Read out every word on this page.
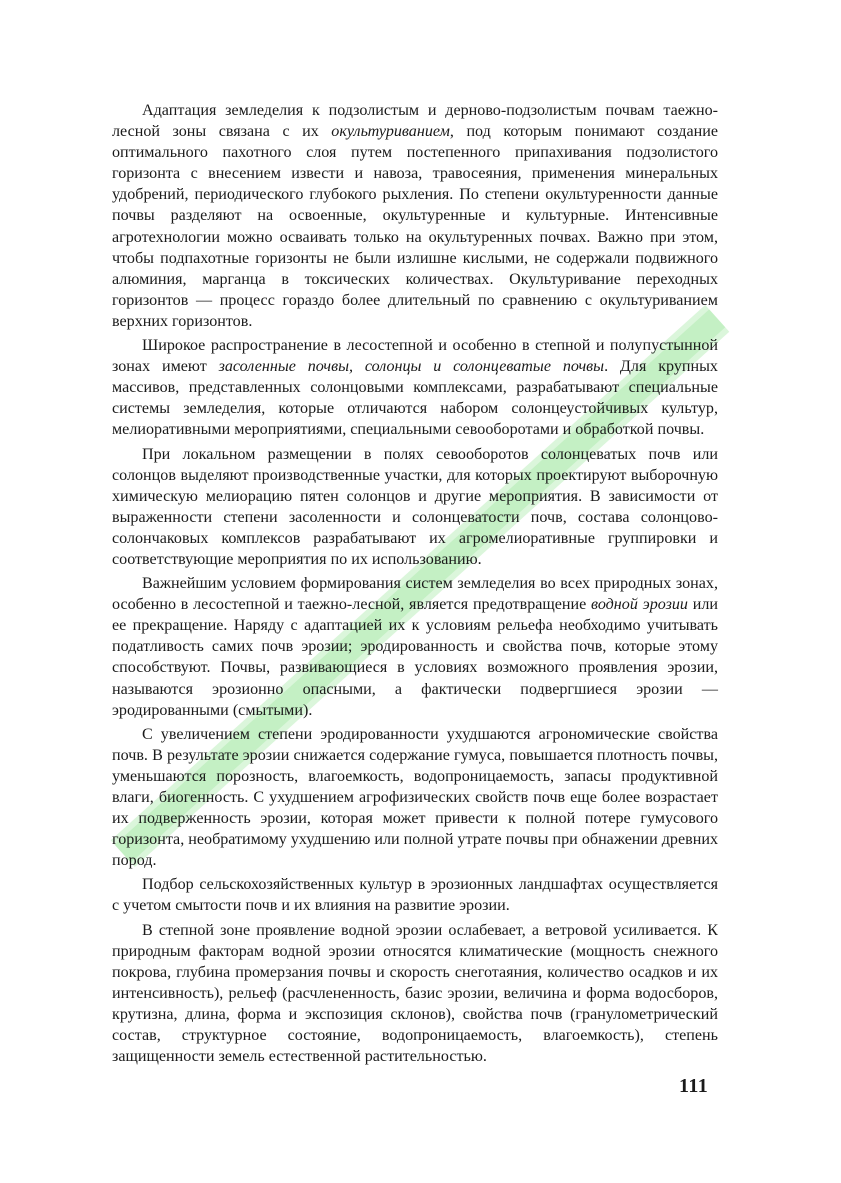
Адаптация земледелия к подзолистым и дерново-подзолистым почвам таежно-лесной зоны связана с их окультуриванием, под которым понимают создание оптимального пахотного слоя путем постепенного припахивания подзолистого горизонта с внесением извести и навоза, травосеяния, применения минеральных удобрений, периодического глубокого рыхления. По степени окультуренности данные почвы разделяют на освоенные, окультуренные и культурные. Интенсивные агротехнологии можно осваивать только на окультуренных почвах. Важно при этом, чтобы подпахотные горизонты не были излишне кислыми, не содержали подвижного алюминия, марганца в токсических количествах. Окультуривание переходных горизонтов — процесс гораздо более длительный по сравнению с окультуриванием верхних горизонтов.

Широкое распространение в лесостепной и особенно в степной и полупустынной зонах имеют засоленные почвы, солонцы и солонцеватые почвы. Для крупных массивов, представленных солонцовыми комплексами, разрабатывают специальные системы земледелия, которые отличаются набором солонцеустойчивых культур, мелиоративными мероприятиями, специальными севооборотами и обработкой почвы.

При локальном размещении в полях севооборотов солонцеватых почв или солонцов выделяют производственные участки, для которых проектируют выборочную химическую мелиорацию пятен солонцов и другие мероприятия. В зависимости от выраженности степени засоленности и солонцеватости почв, состава солонцово-солончаковых комплексов разрабатывают их агромелиоративные группировки и соответствующие мероприятия по их использованию.

Важнейшим условием формирования систем земледелия во всех природных зонах, особенно в лесостепной и таежно-лесной, является предотвращение водной эрозии или ее прекращение. Наряду с адаптацией их к условиям рельефа необходимо учитывать податливость самих почв эрозии; эродированность и свойства почв, которые этому способствуют. Почвы, развивающиеся в условиях возможного проявления эрозии, называются эрозионно опасными, а фактически подвергшиеся эрозии — эродированными (смытыми).

С увеличением степени эродированности ухудшаются агрономические свойства почв. В результате эрозии снижается содержание гумуса, повышается плотность почвы, уменьшаются порозность, влагоемкость, водопроницаемость, запасы продуктивной влаги, биогенность. С ухудшением агрофизических свойств почв еще более возрастает их подверженность эрозии, которая может привести к полной потере гумусового горизонта, необратимому ухудшению или полной утрате почвы при обнажении древних пород.

Подбор сельскохозяйственных культур в эрозионных ландшафтах осуществляется с учетом смытости почв и их влияния на развитие эрозии.

В степной зоне проявление водной эрозии ослабевает, а ветровой усиливается. К природным факторам водной эрозии относятся климатические (мощность снежного покрова, глубина промерзания почвы и скорость снеготаяния, количество осадков и их интенсивность), рельеф (расчлененность, базис эрозии, величина и форма водосборов, крутизна, длина, форма и экспозиция склонов), свойства почв (гранулометрический состав, структурное состояние, водопроницаемость, влагоемкость), степень защищенности земель естественной растительностью.

111
